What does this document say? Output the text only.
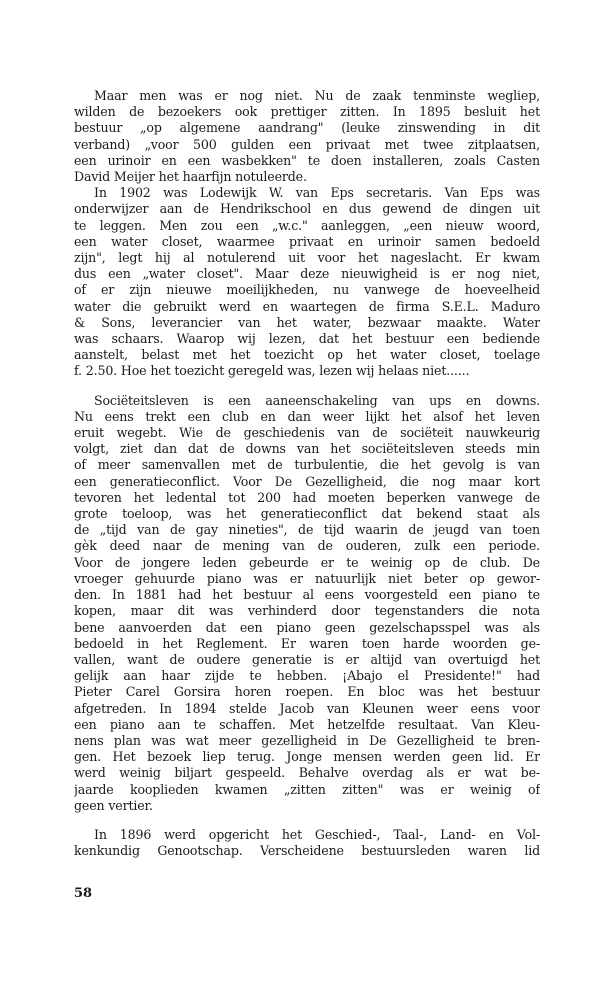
Maar men was er nog niet. Nu de zaak tenminste wegliep,
wilden de bezoekers ook prettiger zitten. In 1895 besluit het
bestuur „op algemene aandrang" (leuke zinswending in dit
verband) „voor 500 gulden een privaat met twee zitplaatsen,
een urinoir en een wasbekken" te doen installeren, zoals Casten
David Meijer het haarfijn notuleerde.
In 1902 was Lodewijk W. van Eps secretaris. Van Eps was
onderwijzer aan de Hendrikschool en dus gewend de dingen uit
te leggen. Men zou een „w.c." aanleggen, „een nieuw woord,
een water closet, waarmee privaat en urinoir samen bedoeld
zijn", legt hij al notulerend uit voor het nageslacht. Er kwam
dus een „water closet". Maar deze nieuwigheid is er nog niet,
of er zijn nieuwe moeilijkheden, nu vanwege de hoeveelheid
water die gebruikt werd en waartegen de firma S.E.L. Maduro
& Sons, leverancier van het water, bezwaar maakte. Water
was schaars. Waarop wij lezen, dat het bestuur een bediende
aanstelt, belast met het toezicht op het water closet, toelage
f. 2.50. Hoe het toezicht geregeld was, lezen wij helaas niet......
Sociëteitsleven is een aaneenschakeling van ups en downs.
Nu eens trekt een club en dan weer lijkt het alsof het leven
eruit wegebt. Wie de geschiedenis van de sociëteit nauwkeurig
volgt, ziet dan dat de downs van het sociëteitsleven steeds min
of meer samenvallen met de turbulentie, die het gevolg is van
een generatieconflict. Voor De Gezelligheid, die nog maar kort
tevoren het ledental tot 200 had moeten beperken vanwege de
grote toeloop, was het generatieconflict dat bekend staat als
de „tijd van de gay nineties", de tijd waarin de jeugd van toen
gèk deed naar de mening van de ouderen, zulk een periode.
Voor de jongere leden gebeurde er te weinig op de club. De
vroeger gehuurde piano was er natuurlijk niet beter op gewor-
den. In 1881 had het bestuur al eens voorgesteld een piano te
kopen, maar dit was verhinderd door tegenstanders die nota
bene aanvoerden dat een piano geen gezelschapsspel was als
bedoeld in het Reglement. Er waren toen harde woorden ge-
vallen, want de oudere generatie is er altijd van overtuigd het
gelijk aan haar zijde te hebben. ¡Abajo el Presidente!" had
Pieter Carel Gorsira horen roepen. En bloc was het bestuur
afgetreden. In 1894 stelde Jacob van Kleunen weer eens voor
een piano aan te schaffen. Met hetzelfde resultaat. Van Kleu-
nens plan was wat meer gezelligheid in De Gezelligheid te bren-
gen. Het bezoek liep terug. Jonge mensen werden geen lid. Er
werd weinig biljart gespeeld. Behalve overdag als er wat be-
jaarde kooplieden kwamen „zitten zitten" was er weinig of
geen vertier.
In 1896 werd opgericht het Geschied-, Taal-, Land- en Vol-
kenkundig Genootschap. Verscheidene bestuursleden waren lid
58
